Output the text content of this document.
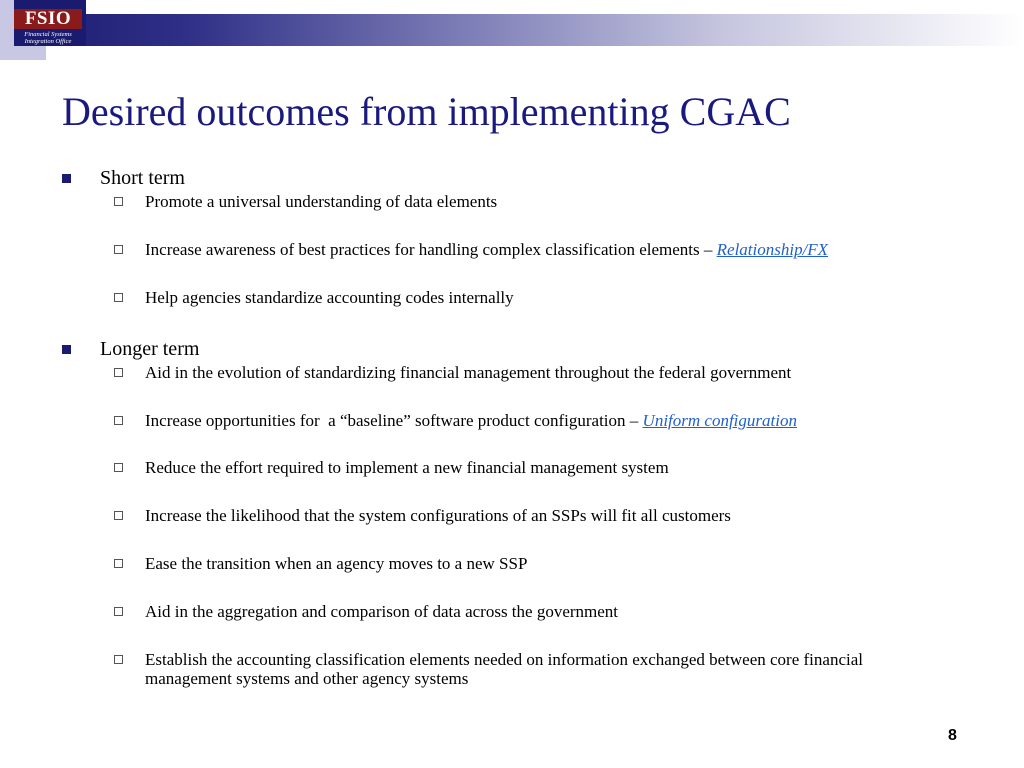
FSIO
Financial Systems
Integration Office
Desired outcomes from implementing CGAC
Short term
Promote a universal understanding of data elements
Increase awareness of best practices for handling complex classification elements – Relationship/FX
Help agencies standardize accounting codes internally
Longer term
Aid in the evolution of standardizing financial management throughout the federal government
Increase opportunities for  a “baseline” software product configuration – Uniform configuration
Reduce the effort required to implement a new financial management system
Increase the likelihood that the system configurations of an SSPs will fit all customers
Ease the transition when an agency moves to a new SSP
Aid in the aggregation and comparison of data across the government
Establish the accounting classification elements needed on information exchanged between core financial management systems and other agency systems
8
